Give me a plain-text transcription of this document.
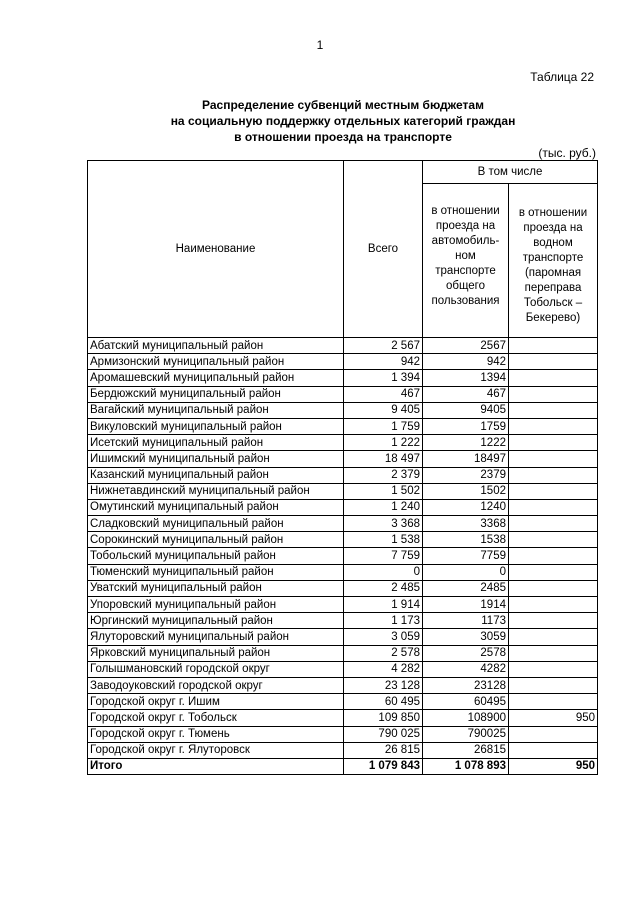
1
Таблица 22
Распределение субвенций местным бюджетам
на социальную поддержку отдельных категорий граждан
в отношении проезда на транспорте
(тыс. руб.)
Наименование	Всего	В том числе	
		в отношении проезда на автомобиль-ном транспорте общего пользования	в отношении проезда на водном транспорте (паромная переправа Тобольск – Бекерево)
Абатский муниципальный район	2 567	2567	
Армизонский муниципальный район	942	942	
Аромашевский муниципальный район	1 394	1394	
Бердюжский муниципальный район	467	467	
Вагайский муниципальный район	9 405	9405	
Викуловский муниципальный район	1 759	1759	
Исетский муниципальный район	1 222	1222	
Ишимский муниципальный район	18 497	18497	
Казанский муниципальный район	2 379	2379	
Нижнетавдинский муниципальный район	1 502	1502	
Омутинский муниципальный район	1 240	1240	
Сладковский муниципальный район	3 368	3368	
Сорокинский муниципальный район	1 538	1538	
Тобольский муниципальный район	7 759	7759	
Тюменский муниципальный район	0	0	
Уватский муниципальный район	2 485	2485	
Упоровский муниципальный район	1 914	1914	
Юргинский муниципальный район	1 173	1173	
Ялуторовский муниципальный район	3 059	3059	
Ярковский муниципальный район	2 578	2578	
Голышмановский городской округ	4 282	4282	
Заводоуковский городской округ	23 128	23128	
Городской округ г. Ишим	60 495	60495	
Городской округ г. Тобольск	109 850	108900	950
Городской округ г. Тюмень	790 025	790025	
Городской округ г. Ялуторовск	26 815	26815	
Итого	1 079 843	1 078 893	950
